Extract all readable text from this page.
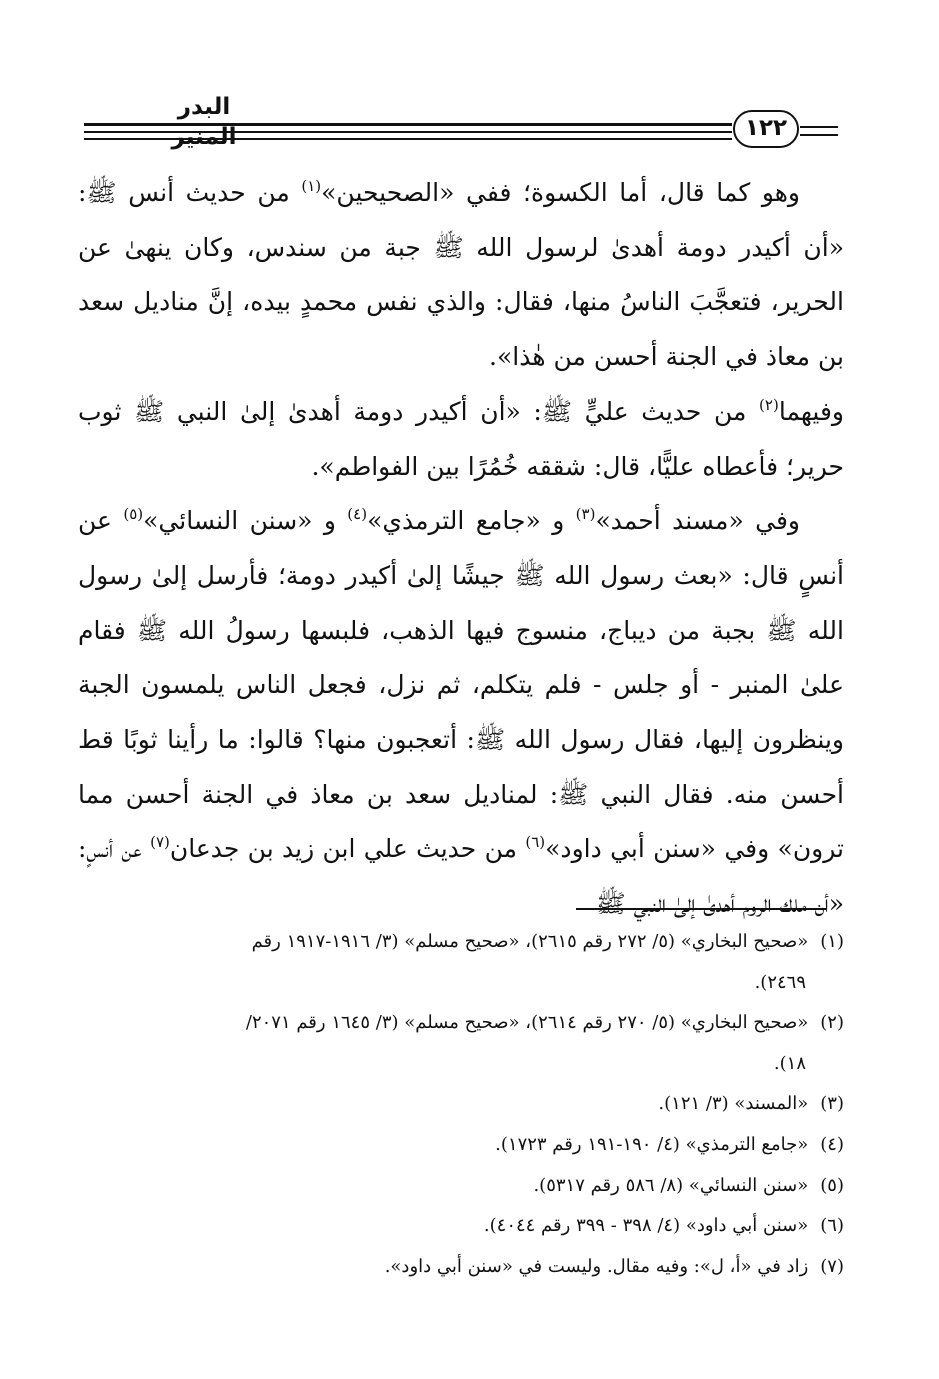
البدر المنير	١٢٢

وهو كما قال، أما الكسوة؛ ففي «الصحيحين»$^{(١)}$ من حديث أنس ﷺ: «أن أكيدر دومة أهدىٰ لرسول الله ﷺ جبة من سندس، وكان ينهىٰ عن الحرير، فتعجَّبَ الناسُ منها، فقال: والذي نفس محمدٍ بيده، إنَّ مناديل سعد بن معاذ في الجنة أحسن من هٰذا».

وفيهما$^{(٢)}$ من حديث عليٍّ ﷺ: «أن أكيدر دومة أهدىٰ إلىٰ النبي ﷺ ثوب حرير؛ فأعطاه عليًّا، قال: شققه خُمُرًا بين الفواطم».

وفي «مسند أحمد»$^{(٣)}$ و «جامع الترمذي»$^{(٤)}$ و «سنن النسائي»$^{(٥)}$ عن أنسٍ قال: «بعث رسول الله ﷺ جيشًا إلىٰ أكيدر دومة؛ فأرسل إلىٰ رسول الله ﷺ بجبة من ديباج، منسوج فيها الذهب، فلبسها رسولُ الله ﷺ فقام علىٰ المنبر - أو جلس - فلم يتكلم، ثم نزل، فجعل الناس يلمسون الجبة وينظرون إليها، فقال رسول الله ﷺ: أتعجبون منها؟ قالوا: ما رأينا ثوبًا قط أحسن منه. فقال النبي ﷺ: لمناديل سعد بن معاذ في الجنة أحسن مما ترون» وفي «سنن أبي داود»$^{(٦)}$ من حديث علي ابن زيد بن جدعان$^{(٧)}$ عن أنسٍ: «أن ملك الروم أهدىٰ إلىٰ النبي ﷺ

(١) «صحيح البخاري» (٥/ ٢٧٢ رقم ٢٦١٥)، «صحيح مسلم» (٣/ ١٩١٦-١٩١٧ رقم
٢٤٦٩).
(٢) «صحيح البخاري» (٥/ ٢٧٠ رقم ٢٦١٤)، «صحيح مسلم» (٣/ ١٦٤٥ رقم ٢٠٧١/
١٨).
(٣) «المسند» (٣/ ١٢١).
(٤) «جامع الترمذي» (٤/ ١٩٠-١٩١ رقم ١٧٢٣).
(٥) «سنن النسائي» (٨/ ٥٨٦ رقم ٥٣١٧).
(٦) «سنن أبي داود» (٤/ ٣٩٨ - ٣٩٩ رقم ٤٠٤٤).
(٧) زاد في «أ، ل»: وفيه مقال. وليست في «سنن أبي داود».
